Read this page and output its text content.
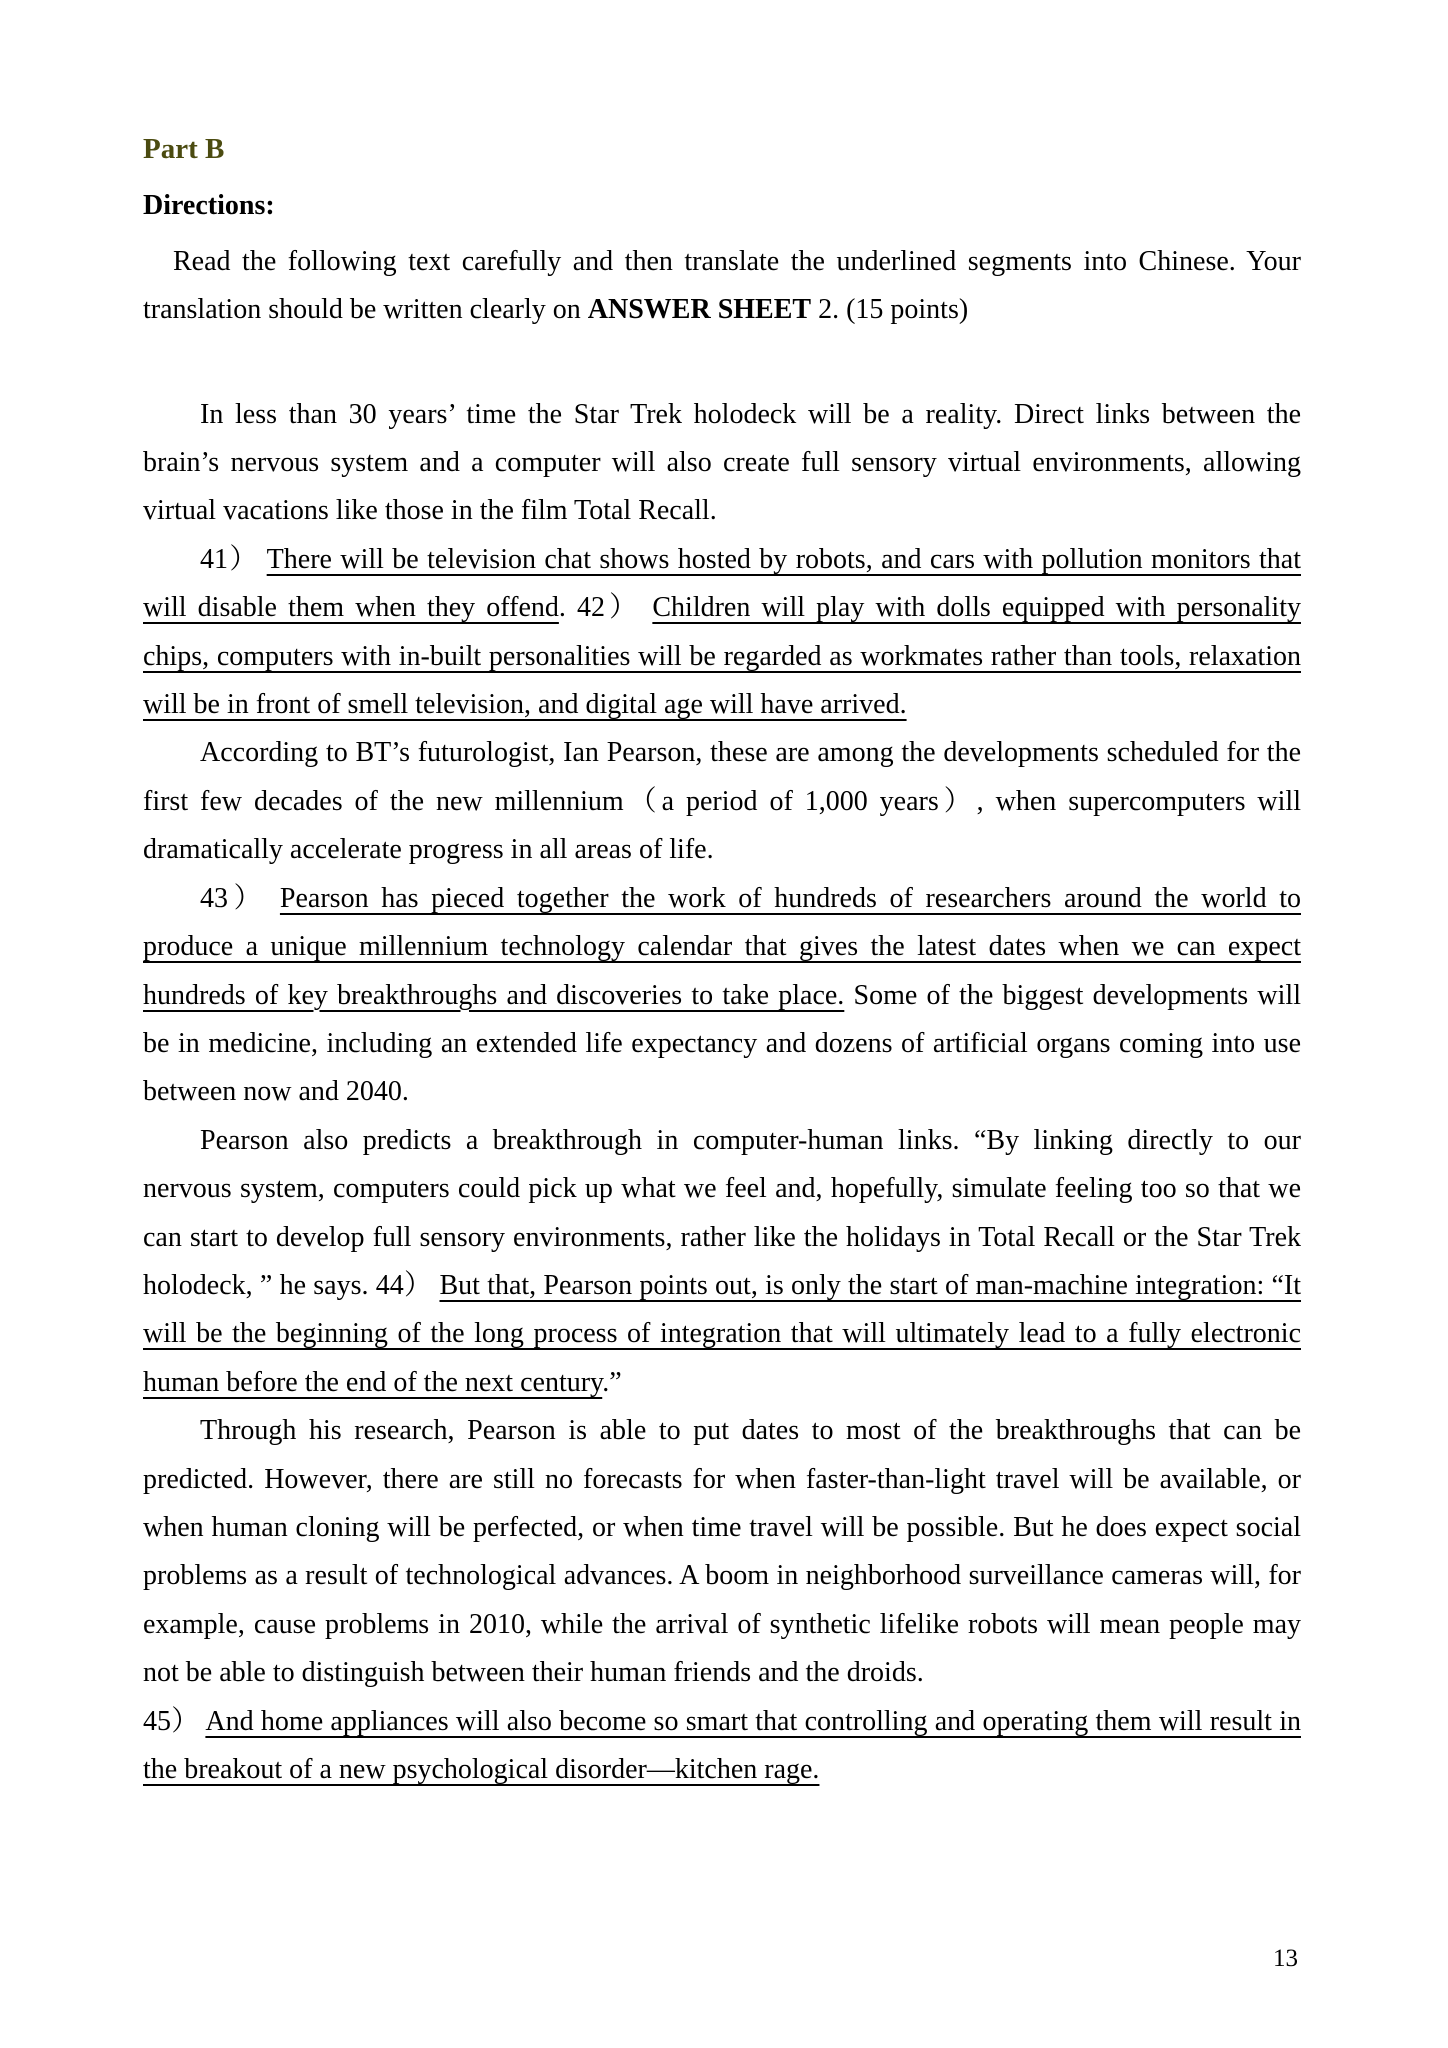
Part B
Directions:

Read the following text carefully and then translate the underlined segments into Chinese. Your translation should be written clearly on ANSWER SHEET 2. (15 points)

In less than 30 years’ time the Star Trek holodeck will be a reality. Direct links between the brain’s nervous system and a computer will also create full sensory virtual environments, allowing virtual vacations like those in the film Total Recall.

41） There will be television chat shows hosted by robots, and cars with pollution monitors that will disable them when they offend. 42） Children will play with dolls equipped with personality chips, computers with in-built personalities will be regarded as workmates rather than tools, relaxation will be in front of smell television, and digital age will have arrived.

According to BT’s futurologist, Ian Pearson, these are among the developments scheduled for the first few decades of the new millennium（a period of 1,000 years）, when supercomputers will dramatically accelerate progress in all areas of life.

43） Pearson has pieced together the work of hundreds of researchers around the world to produce a unique millennium technology calendar that gives the latest dates when we can expect hundreds of key breakthroughs and discoveries to take place. Some of the biggest developments will be in medicine, including an extended life expectancy and dozens of artificial organs coming into use between now and 2040.

Pearson also predicts a breakthrough in computer-human links. “By linking directly to our nervous system, computers could pick up what we feel and, hopefully, simulate feeling too so that we can start to develop full sensory environments, rather like the holidays in Total Recall or the Star Trek holodeck, ” he says. 44） But that, Pearson points out, is only the start of man-machine integration: “It will be the beginning of the long process of integration that will ultimately lead to a fully electronic human before the end of the next century.”

Through his research, Pearson is able to put dates to most of the breakthroughs that can be predicted. However, there are still no forecasts for when faster-than-light travel will be available, or when human cloning will be perfected, or when time travel will be possible. But he does expect social problems as a result of technological advances. A boom in neighborhood surveillance cameras will, for example, cause problems in 2010, while the arrival of synthetic lifelike robots will mean people may not be able to distinguish between their human friends and the droids.

45） And home appliances will also become so smart that controlling and operating them will result in the breakout of a new psychological disorder—kitchen rage.

13
